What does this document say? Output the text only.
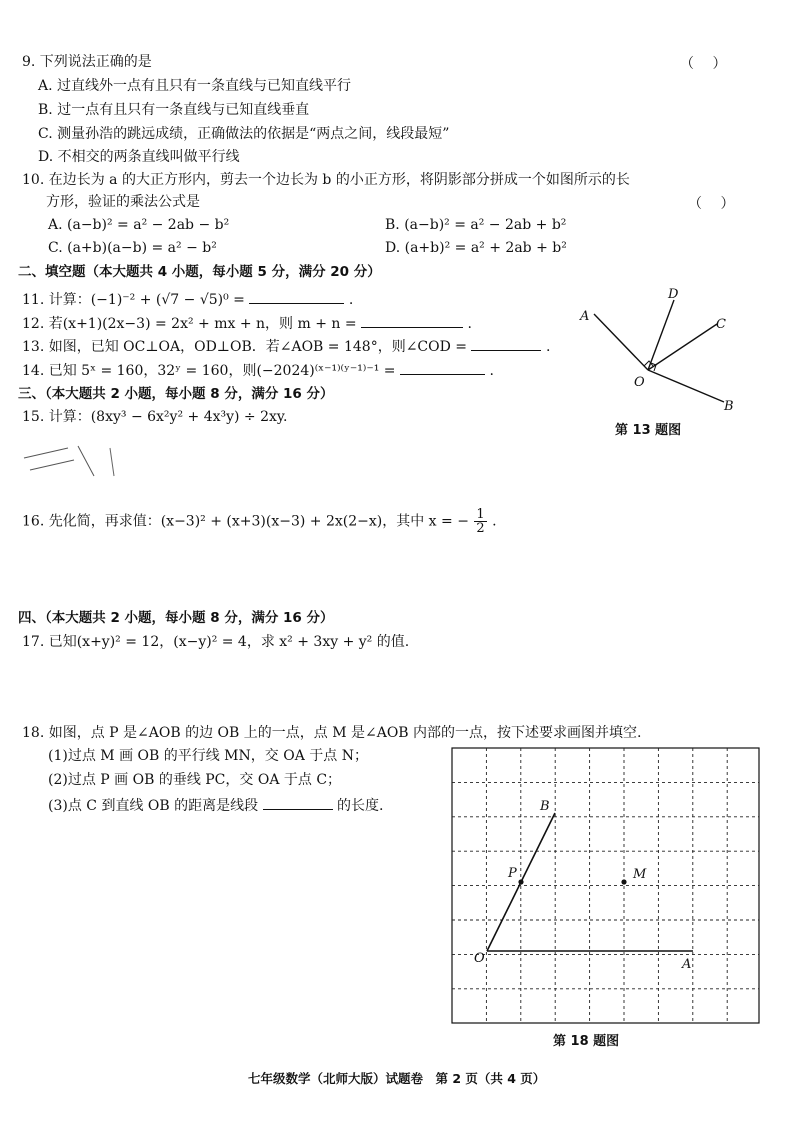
9. 下列说法正确的是	（　 ）
A. 过直线外一点有且只有一条直线与已知直线平行
B. 过一点有且只有一条直线与已知直线垂直
C. 测量孙浩的跳远成绩，正确做法的依据是“两点之间，线段最短”
D. 不相交的两条直线叫做平行线
10. 在边长为 a 的大正方形内，剪去一个边长为 b 的小正方形，将阴影部分拼成一个如图所示的长
方形，验证的乘法公式是	（　 ）
A. (a−b)² = a² − 2ab − b²	B. (a−b)² = a² − 2ab + b²
C. (a+b)(a−b) = a² − b²	D. (a+b)² = a² + 2ab + b²
二、填空题（本大题共 4 小题，每小题 5 分，满分 20 分）
11. 计算：(−1)⁻² + (√7 − √5)⁰ =	.
12. 若(x+1)(2x−3) = 2x² + mx + n，则 m + n =	.
13. 如图，已知 OC⊥OA，OD⊥OB．若∠AOB = 148°，则∠COD =	.
14. 已知 5ˣ = 160，32ʸ = 160，则(−2024)⁽ˣ⁻¹⁾⁽ʸ⁻¹⁾⁻¹ =	.
三、（本大题共 2 小题，每小题 8 分，满分 16 分）
15. 计算：(8xy³ − 6x²y² + 4x³y) ÷ 2xy.
16. 先化简，再求值：(x−3)² + (x+3)(x−3) + 2x(2−x)，其中 x = − $\frac{1}{2}$ .
四、（本大题共 2 小题，每小题 8 分，满分 16 分）
17. 已知(x+y)² = 12，(x−y)² = 4，求 x² + 3xy + y² 的值.
18. 如图，点 P 是∠AOB 的边 OB 上的一点，点 M 是∠AOB 内部的一点，按下述要求画图并填空.
(1)过点 M 画 OB 的平行线 MN，交 OA 于点 N；
(2)过点 P 画 OB 的垂线 PC，交 OA 于点 C；
(3)点 C 到直线 OB 的距离是线段	的长度.
A
D
C
O
B
第 13 题图
B
P	M
O	A
第 18 题图
七年级数学（北师大版）试题卷　第 2 页（共 4 页）
